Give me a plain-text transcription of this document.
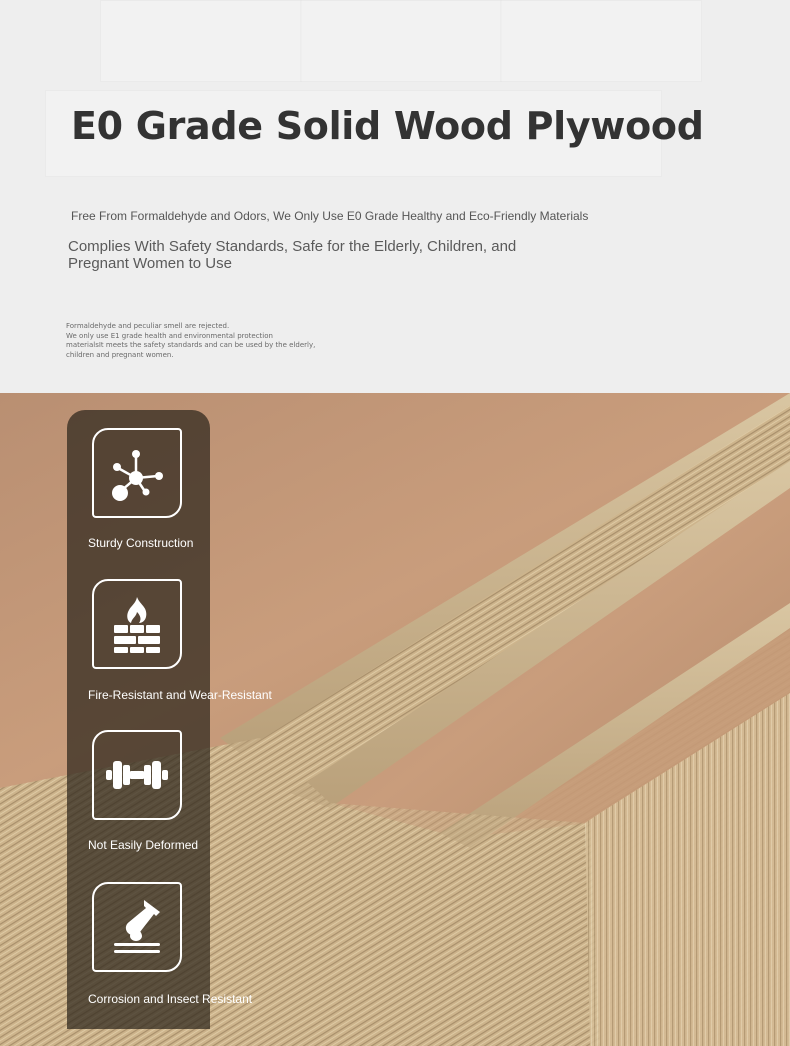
E0 Grade Solid Wood Plywood
Free From Formaldehyde and Odors, We Only Use E0 Grade Healthy and Eco-Friendly Materials
Complies With Safety Standards, Safe for the Elderly, Children, and Pregnant Women to Use
Formaldehyde and peculiar smell are rejected.
We only use E1 grade health and environmental protection
materialsIt meets the safety standards and can be used by the elderly,
children and pregnant women.
Sturdy Construction
Fire-Resistant and Wear-Resistant
Not Easily Deformed
Corrosion and Insect Resistant
